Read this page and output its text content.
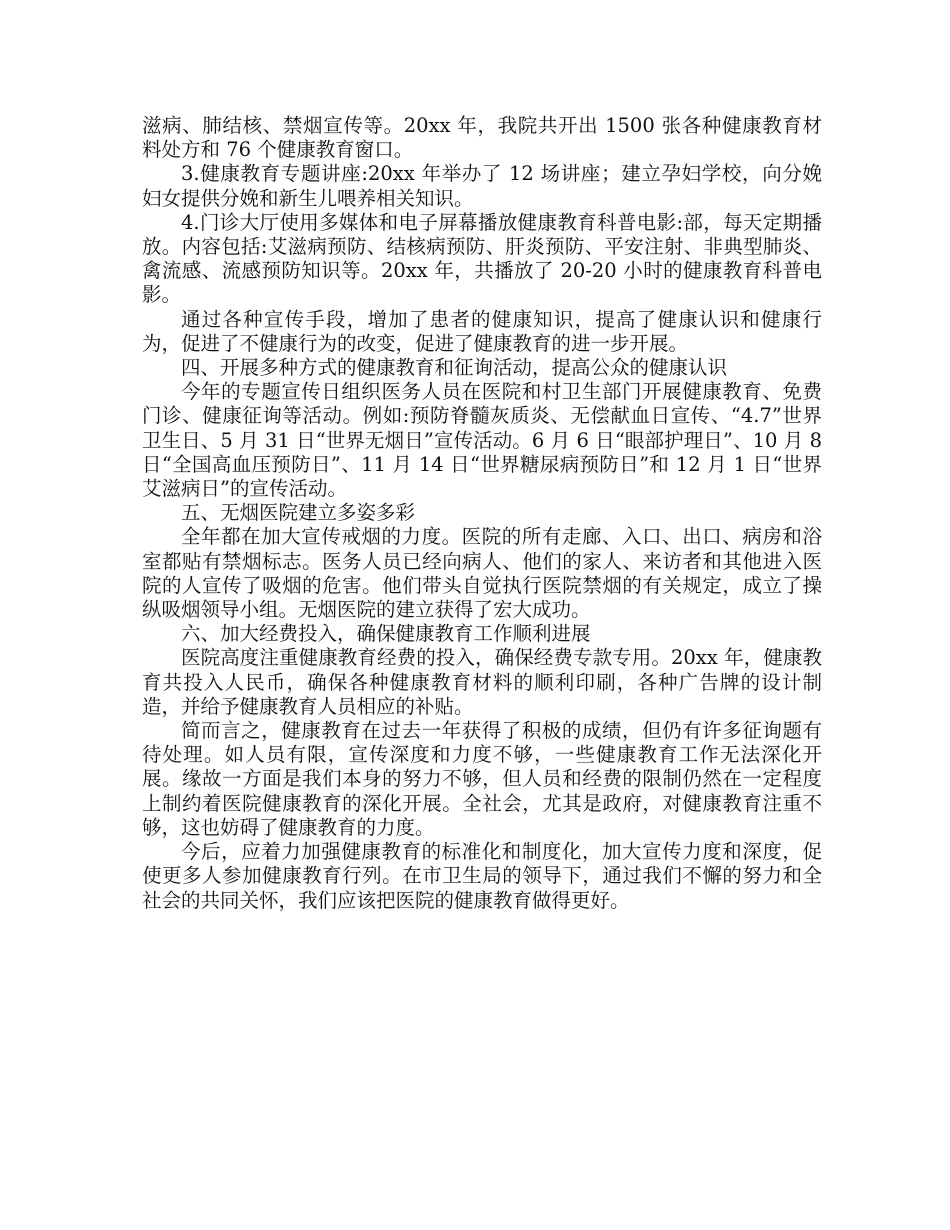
滋病、肺结核、禁烟宣传等。20xx 年，我院共开出 1500 张各种健康教育材料处方和 76 个健康教育窗口。

3.健康教育专题讲座:20xx 年举办了 12 场讲座；建立孕妇学校，向分娩妇女提供分娩和新生儿喂养相关知识。

4.门诊大厅使用多媒体和电子屏幕播放健康教育科普电影:部，每天定期播放。内容包括:艾滋病预防、结核病预防、肝炎预防、平安注射、非典型肺炎、禽流感、流感预防知识等。20xx 年，共播放了 20-20 小时的健康教育科普电影。

通过各种宣传手段，增加了患者的健康知识，提高了健康认识和健康行为，促进了不健康行为的改变，促进了健康教育的进一步开展。

四、开展多种方式的健康教育和征询活动，提高公众的健康认识

今年的专题宣传日组织医务人员在医院和村卫生部门开展健康教育、免费门诊、健康征询等活动。例如:预防脊髓灰质炎、无偿献血日宣传、“4.7”世界卫生日、5 月 31 日“世界无烟日”宣传活动。6 月 6 日“眼部护理日”、10 月 8 日“全国高血压预防日”、11 月 14 日“世界糖尿病预防日”和 12 月 1 日“世界艾滋病日”的宣传活动。

五、无烟医院建立多姿多彩

全年都在加大宣传戒烟的力度。医院的所有走廊、入口、出口、病房和浴室都贴有禁烟标志。医务人员已经向病人、他们的家人、来访者和其他进入医院的人宣传了吸烟的危害。他们带头自觉执行医院禁烟的有关规定，成立了操纵吸烟领导小组。无烟医院的建立获得了宏大成功。

六、加大经费投入，确保健康教育工作顺利进展

医院高度注重健康教育经费的投入，确保经费专款专用。20xx 年，健康教育共投入人民币，确保各种健康教育材料的顺利印刷，各种广告牌的设计制造，并给予健康教育人员相应的补贴。

简而言之，健康教育在过去一年获得了积极的成绩，但仍有许多征询题有待处理。如人员有限，宣传深度和力度不够，一些健康教育工作无法深化开展。缘故一方面是我们本身的努力不够，但人员和经费的限制仍然在一定程度上制约着医院健康教育的深化开展。全社会，尤其是政府，对健康教育注重不够，这也妨碍了健康教育的力度。

今后，应着力加强健康教育的标准化和制度化，加大宣传力度和深度，促使更多人参加健康教育行列。在市卫生局的领导下，通过我们不懈的努力和全社会的共同关怀，我们应该把医院的健康教育做得更好。
